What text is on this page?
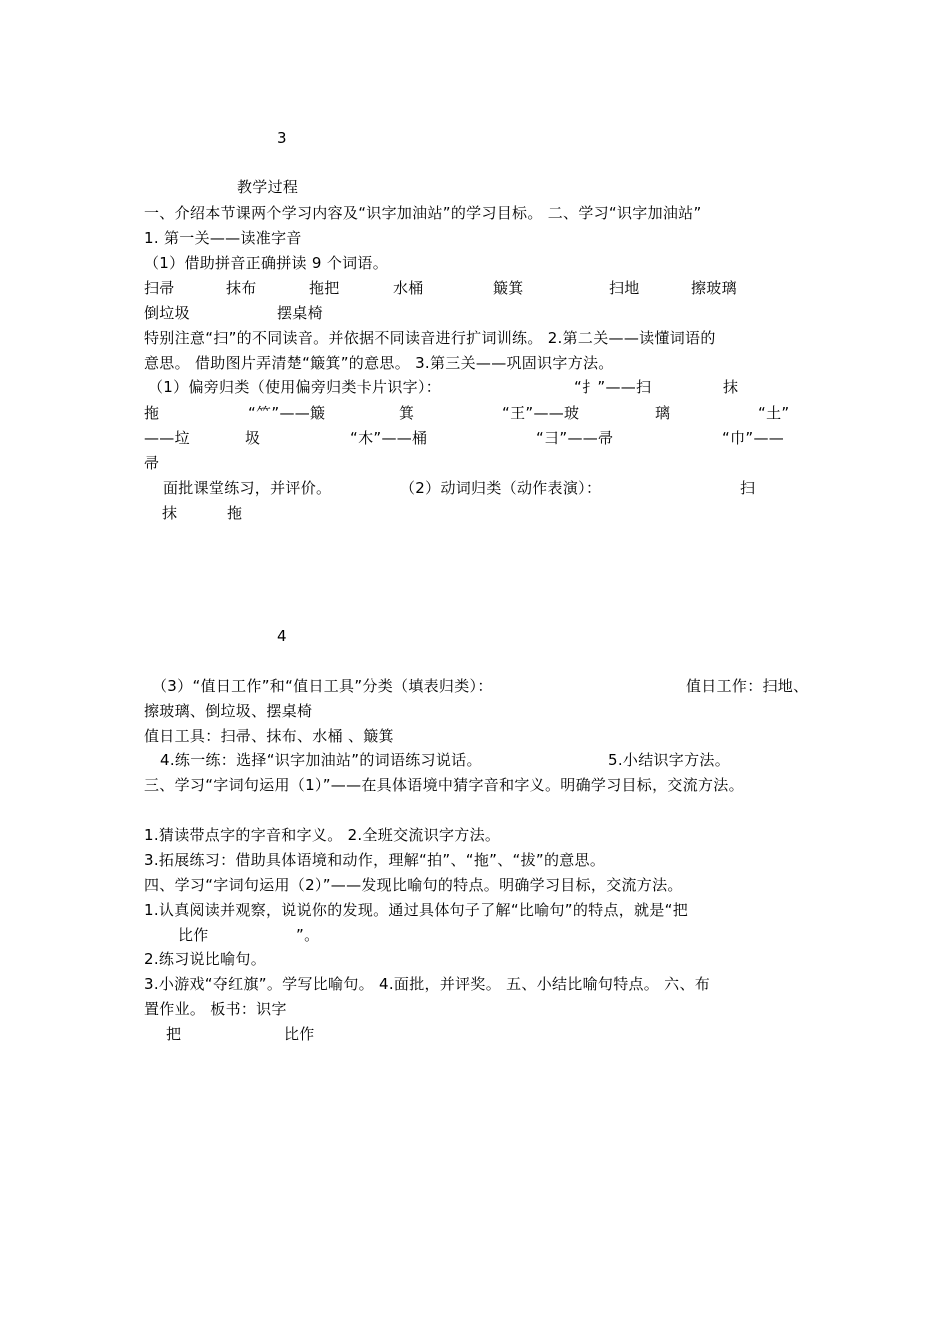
3
教学过程
一、介绍本节课两个学习内容及“识字加油站”的学习目标。 二、学习“识字加油站”
1. 第一关——读准字音
（1）借助拼音正确拼读 9 个词语。
扫帚	抹布	拖把	水桶	簸箕	扫地	擦玻璃
倒垃圾	摆桌椅
特别注意“扫”的不同读音。并依据不同读音进行扩词训练。 2.第二关——读懂词语的
意思。 借助图片弄清楚“簸箕”的意思。 3.第三关——巩固识字方法。
（1）偏旁归类（使用偏旁归类卡片识字）：	“扌”——扫	抹
拖	“⺮”——簸	箕	“王”——玻	璃	“土”
——垃	圾	“木”——桶	“彐”——帚	“巾”——
帚
面批课堂练习，并评价。	（2）动词归类（动作表演）：	扫
抹	拖
4
（3）“值日工作”和“值日工具”分类（填表归类）：	值日工作：扫地、
擦玻璃、倒垃圾、摆桌椅
值日工具：扫帚、抹布、水桶 、簸箕
4.练一练：选择“识字加油站”的词语练习说话。	5.小结识字方法。
三、学习“字词句运用（1）”——在具体语境中猜字音和字义。明确学习目标，交流方法。
1.猜读带点字的字音和字义。 2.全班交流识字方法。
3.拓展练习：借助具体语境和动作，理解“拍”、“拖”、“拔”的意思。
四、学习“字词句运用（2）”——发现比喻句的特点。明确学习目标，交流方法。
1.认真阅读并观察，说说你的发现。通过具体句子了解“比喻句”的特点，就是“把
比作	”。
2.练习说比喻句。
3.小游戏“夺红旗”。学写比喻句。 4.面批，并评奖。 五、小结比喻句特点。 六、布
置作业。 板书：识字
把	比作
